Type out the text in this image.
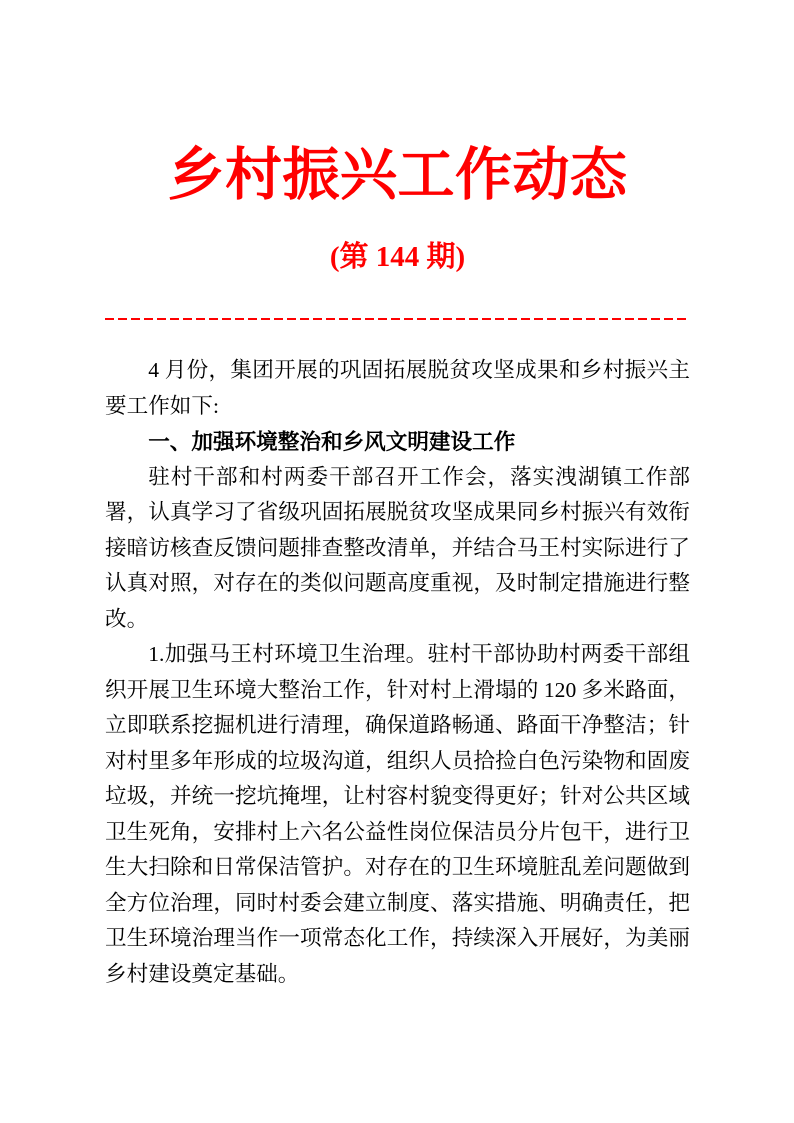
乡村振兴工作动态
(第 144 期)

4 月份，集团开展的巩固拓展脱贫攻坚成果和乡村振兴主要工作如下:

一、加强环境整治和乡风文明建设工作

驻村干部和村两委干部召开工作会，落实洩湖镇工作部署，认真学习了省级巩固拓展脱贫攻坚成果同乡村振兴有效衔接暗访核查反馈问题排查整改清单，并结合马王村实际进行了认真对照，对存在的类似问题高度重视，及时制定措施进行整改。

1.加强马王村环境卫生治理。驻村干部协助村两委干部组织开展卫生环境大整治工作，针对村上滑塌的 120 多米路面，立即联系挖掘机进行清理，确保道路畅通、路面干净整洁；针对村里多年形成的垃圾沟道，组织人员拾捡白色污染物和固废垃圾，并统一挖坑掩埋，让村容村貌变得更好；针对公共区域卫生死角，安排村上六名公益性岗位保洁员分片包干，进行卫生大扫除和日常保洁管护。对存在的卫生环境脏乱差问题做到全方位治理，同时村委会建立制度、落实措施、明确责任，把卫生环境治理当作一项常态化工作，持续深入开展好，为美丽乡村建设奠定基础。
